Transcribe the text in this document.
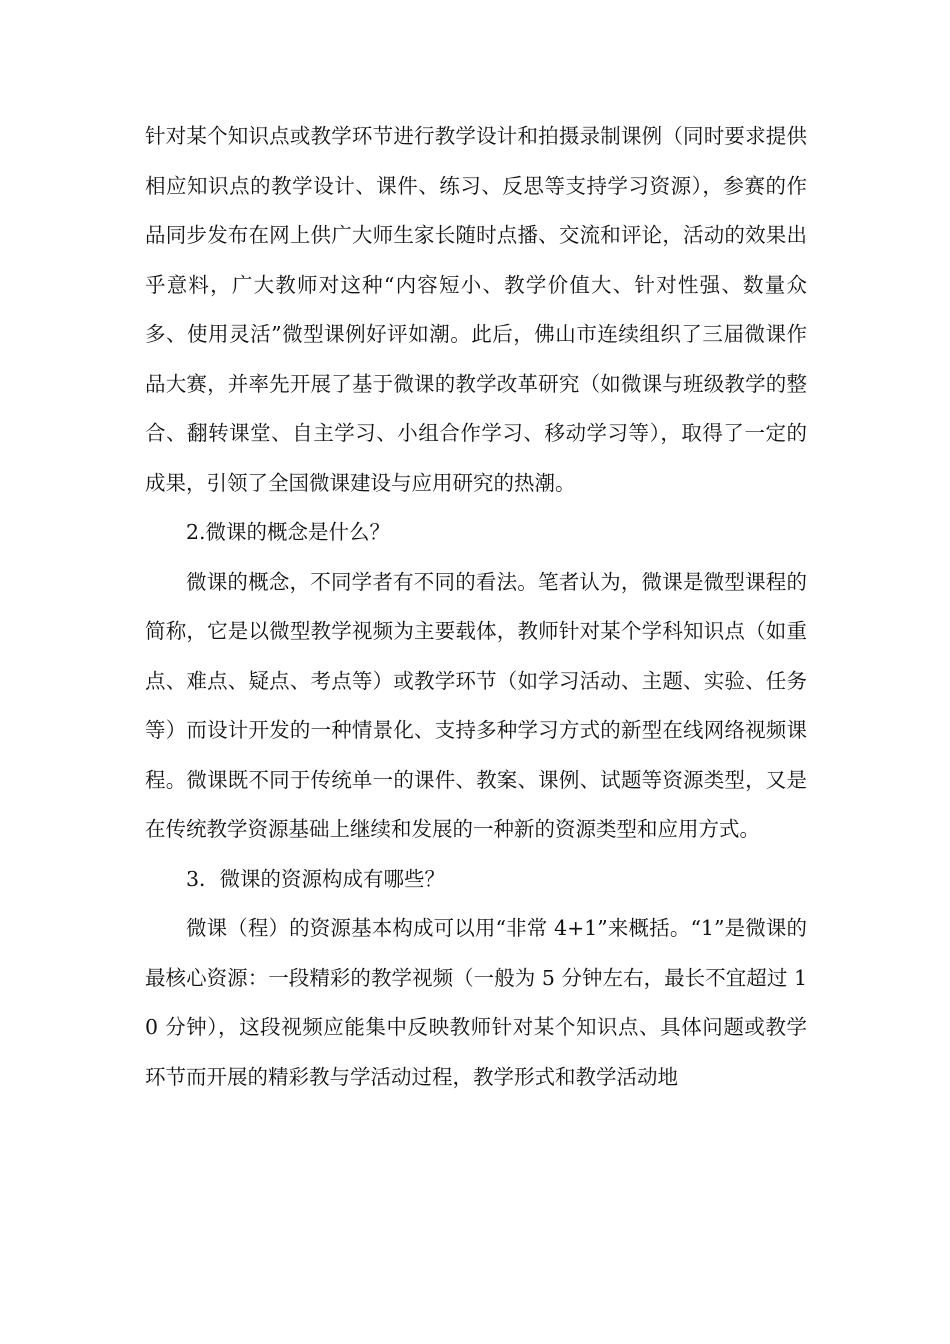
针对某个知识点或教学环节进行教学设计和拍摄录制课例（同时要求提供相应知识点的教学设计、课件、练习、反思等支持学习资源），参赛的作品同步发布在网上供广大师生家长随时点播、交流和评论，活动的效果出乎意料，广大教师对这种“内容短小、教学价值大、针对性强、数量众多、使用灵活”微型课例好评如潮。此后，佛山市连续组织了三届微课作品大赛，并率先开展了基于微课的教学改革研究（如微课与班级教学的整合、翻转课堂、自主学习、小组合作学习、移动学习等），取得了一定的成果，引领了全国微课建设与应用研究的热潮。

2.微课的概念是什么？

微课的概念，不同学者有不同的看法。笔者认为，微课是微型课程的简称，它是以微型教学视频为主要载体，教师针对某个学科知识点（如重点、难点、疑点、考点等）或教学环节（如学习活动、主题、实验、任务等）而设计开发的一种情景化、支持多种学习方式的新型在线网络视频课程。微课既不同于传统单一的课件、教案、课例、试题等资源类型，又是在传统教学资源基础上继续和发展的一种新的资源类型和应用方式。

3．微课的资源构成有哪些？

微课（程）的资源基本构成可以用“非常 4+1”来概括。“1”是微课的最核心资源：一段精彩的教学视频（一般为 5 分钟左右，最长不宜超过 10 分钟），这段视频应能集中反映教师针对某个知识点、具体问题或教学环节而开展的精彩教与学活动过程，教学形式和教学活动地
